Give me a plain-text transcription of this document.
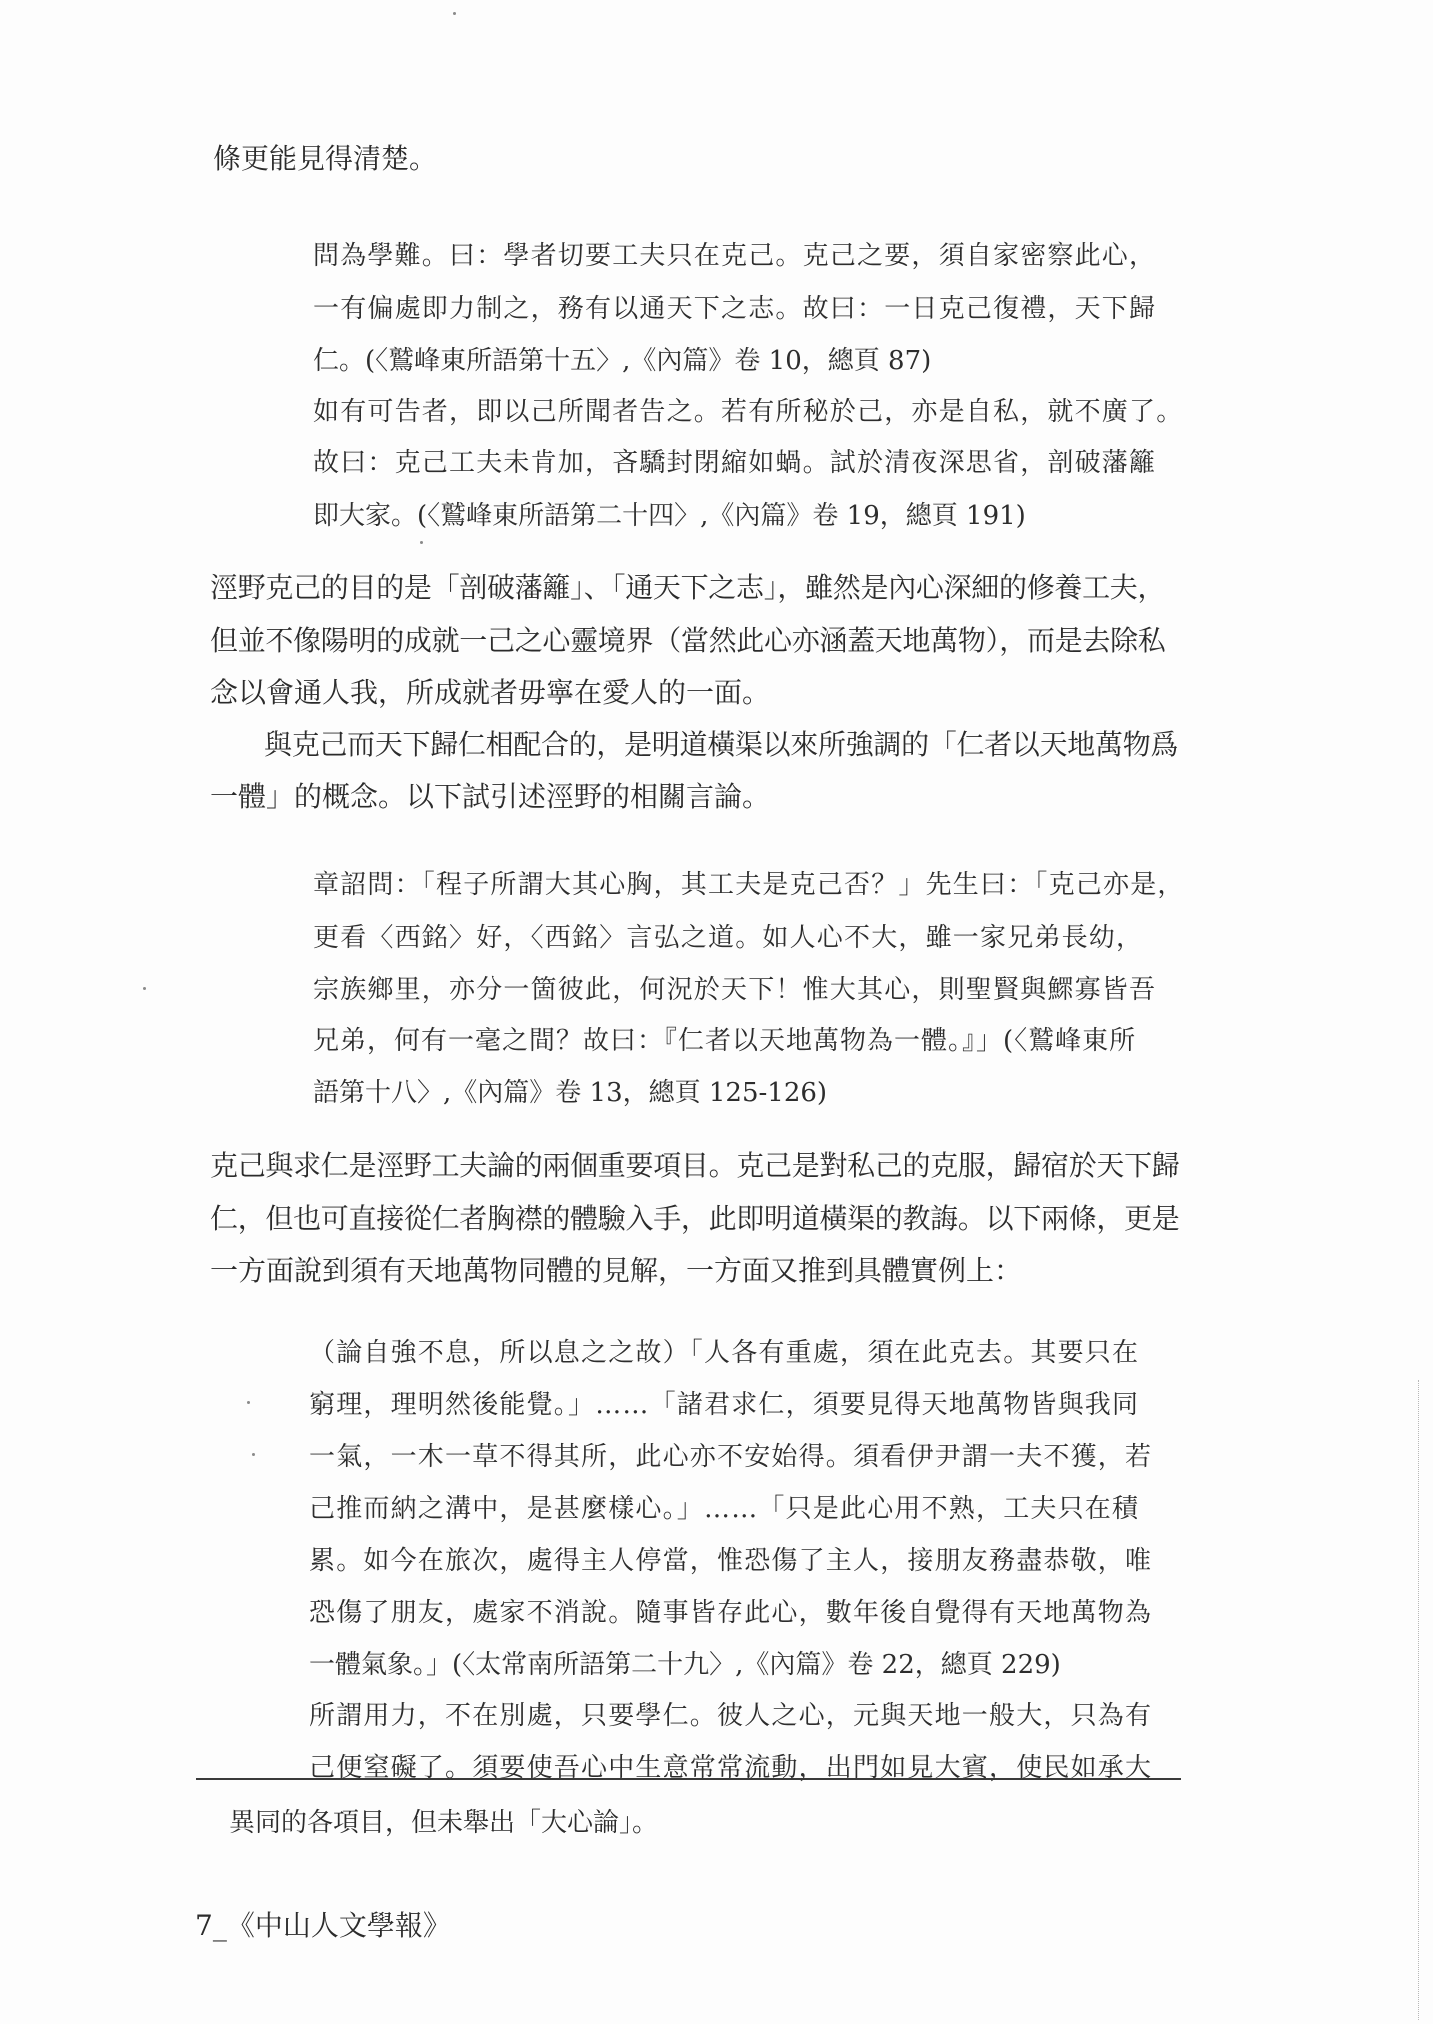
條更能見得清楚。
問為學難。曰：學者切要工夫只在克己。克己之要，須自家密察此心，
一有偏處即力制之，務有以通天下之志。故曰：一日克己復禮，天下歸
仁。(〈鷲峰東所語第十五〉,《內篇》卷 10，總頁 87)
如有可告者，即以己所聞者告之。若有所秘於己，亦是自私，就不廣了。
故曰：克己工夫未肯加，吝驕封閉縮如蝸。試於清夜深思省，剖破藩籬
即大家。(〈鷲峰東所語第二十四〉,《內篇》卷 19，總頁 191)
涇野克己的目的是「剖破藩籬」、「通天下之志」，雖然是內心深細的修養工夫，
但並不像陽明的成就一己之心靈境界（當然此心亦涵蓋天地萬物），而是去除私
念以會通人我，所成就者毋寧在愛人的一面。
與克己而天下歸仁相配合的，是明道橫渠以來所強調的「仁者以天地萬物爲
一體」的概念。以下試引述涇野的相關言論。
章詔問：「程子所謂大其心胸，其工夫是克己否？」先生曰：「克己亦是，
更看〈西銘〉好，〈西銘〉言弘之道。如人心不大，雖一家兄弟長幼，
宗族鄉里，亦分一箇彼此，何況於天下！惟大其心，則聖賢與鰥寡皆吾
兄弟，何有一毫之間？故曰：『仁者以天地萬物為一體。』」(〈鷲峰東所
語第十八〉,《內篇》卷 13，總頁 125-126)
克己與求仁是涇野工夫論的兩個重要項目。克己是對私己的克服，歸宿於天下歸
仁，但也可直接從仁者胸襟的體驗入手，此即明道橫渠的教誨。以下兩條，更是
一方面說到須有天地萬物同體的見解，一方面又推到具體實例上：
（論自強不息，所以息之之故）「人各有重處，須在此克去。其要只在
窮理，理明然後能覺。」……「諸君求仁，須要見得天地萬物皆與我同
一氣，一木一草不得其所，此心亦不安始得。須看伊尹謂一夫不獲，若
己推而納之溝中，是甚麼樣心。」……「只是此心用不熟，工夫只在積
累。如今在旅次，處得主人停當，惟恐傷了主人，接朋友務盡恭敬，唯
恐傷了朋友，處家不消說。隨事皆存此心，數年後自覺得有天地萬物為
一體氣象。」(〈太常南所語第二十九〉,《內篇》卷 22，總頁 229)
所謂用力，不在別處，只要學仁。彼人之心，元與天地一般大，只為有
己便窒礙了。須要使吾心中生意常常流動，出門如見大賓，使民如承大
異同的各項目，但未舉出「大心論」。
7_《中山人文學報》
